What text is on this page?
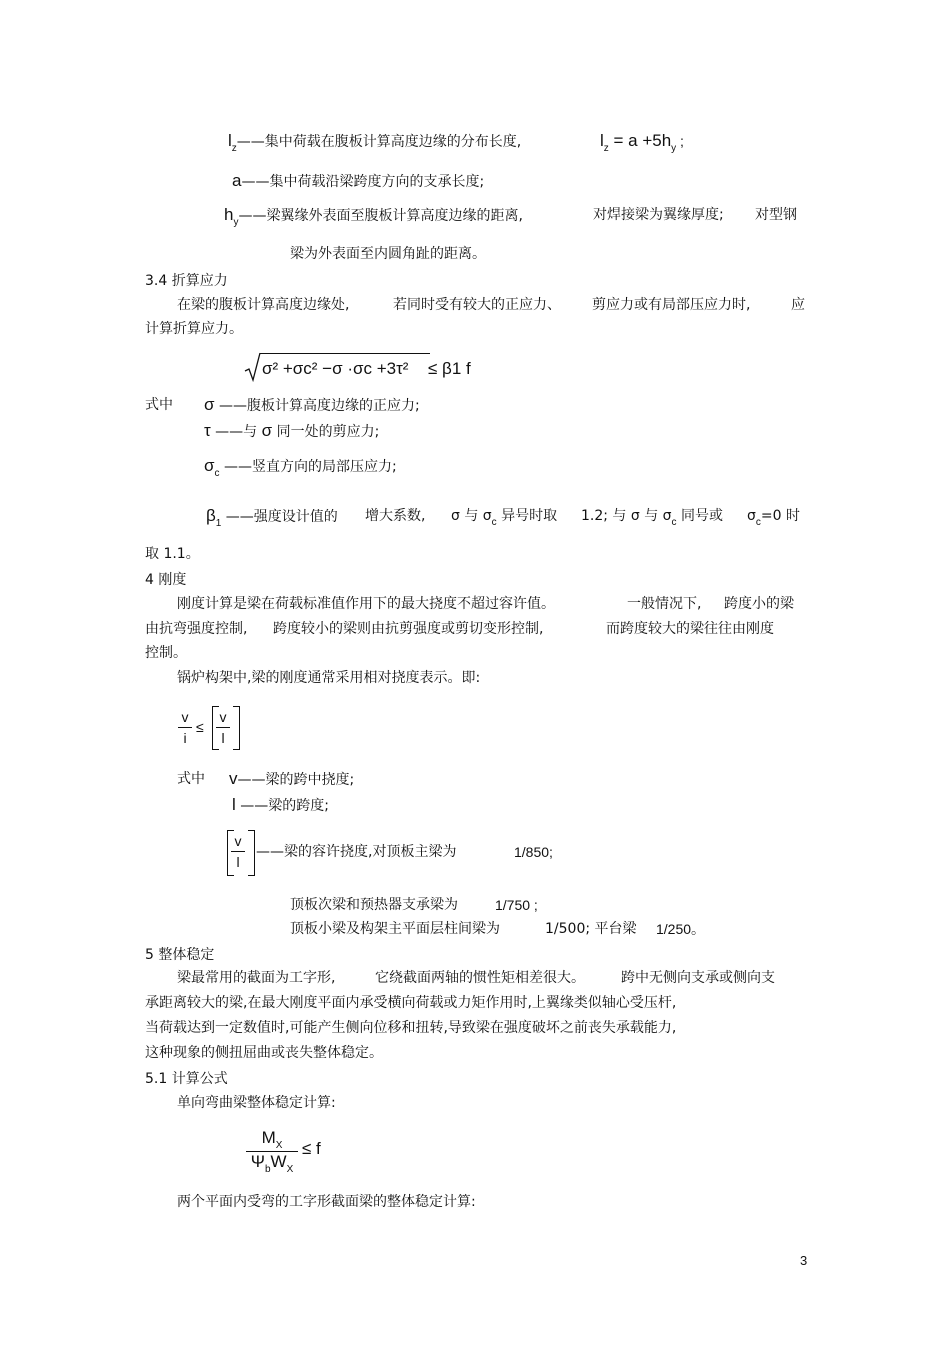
$l_z——$集中荷载在腹板计算高度边缘的分布长度,	$l_z = a +5h_y$ ;
a——集中荷载沿梁跨度方向的支承长度;
$h_y——$梁翼缘外表面至腹板计算高度边缘的距离,	对焊接梁为翼缘厚度; 对型钢
梁为外表面至内圆角趾的距离。
3.4 折算应力
在梁的腹板计算高度边缘处,	若同时受有较大的正应力、 剪应力或有局部压应力时,	应
计算折算应力。
σ² +σc² −σ ·σc +3τ² ≤ β1 f
式中 σ ——腹板计算高度边缘的正应力;
τ ——与 σ 同一处的剪应力;
$\sigma_c$ ——竖直方向的局部压应力;
$\beta_1$ ——强度设计值的 增大系数, σ 与 $\sigma_c$ 异号时取 1.2; 与 σ 与 $\sigma_c$ 同号或 $\sigma_c=0$ 时
取 1.1。
4 刚度
刚度计算是梁在荷载标准值作用下的最大挠度不超过容许值。	一般情况下, 跨度小的梁
由抗弯强度控制, 跨度较小的梁则由抗剪强度或剪切变形控制,	而跨度较大的梁往往由刚度
控制。
锅炉构架中,梁的刚度通常采用相对挠度表示。即:
v
i
≤
v
l
式中 v——梁的跨中挠度;
l ——梁的跨度;
v
l
——梁的容许挠度,对顶板主梁为	1/850;
顶板次梁和预热器支承梁为	1/750 ;
顶板小梁及构架主平面层柱间梁为	1/500; 平台梁 1/250。
5 整体稳定
梁最常用的截面为工字形,	它绕截面两轴的惯性矩相差很大。	跨中无侧向支承或侧向支
承距离较大的梁,在最大刚度平面内承受横向荷载或力矩作用时,上翼缘类似轴心受压杆,
当荷载达到一定数值时,可能产生侧向位移和扭转,导致梁在强度破坏之前丧失承载能力,
这种现象的侧扭屈曲或丧失整体稳定。
5.1 计算公式
单向弯曲梁整体稳定计算:
$M_X$
$\Psi_bW_X$
≤ f
两个平面内受弯的工字形截面梁的整体稳定计算:
3
